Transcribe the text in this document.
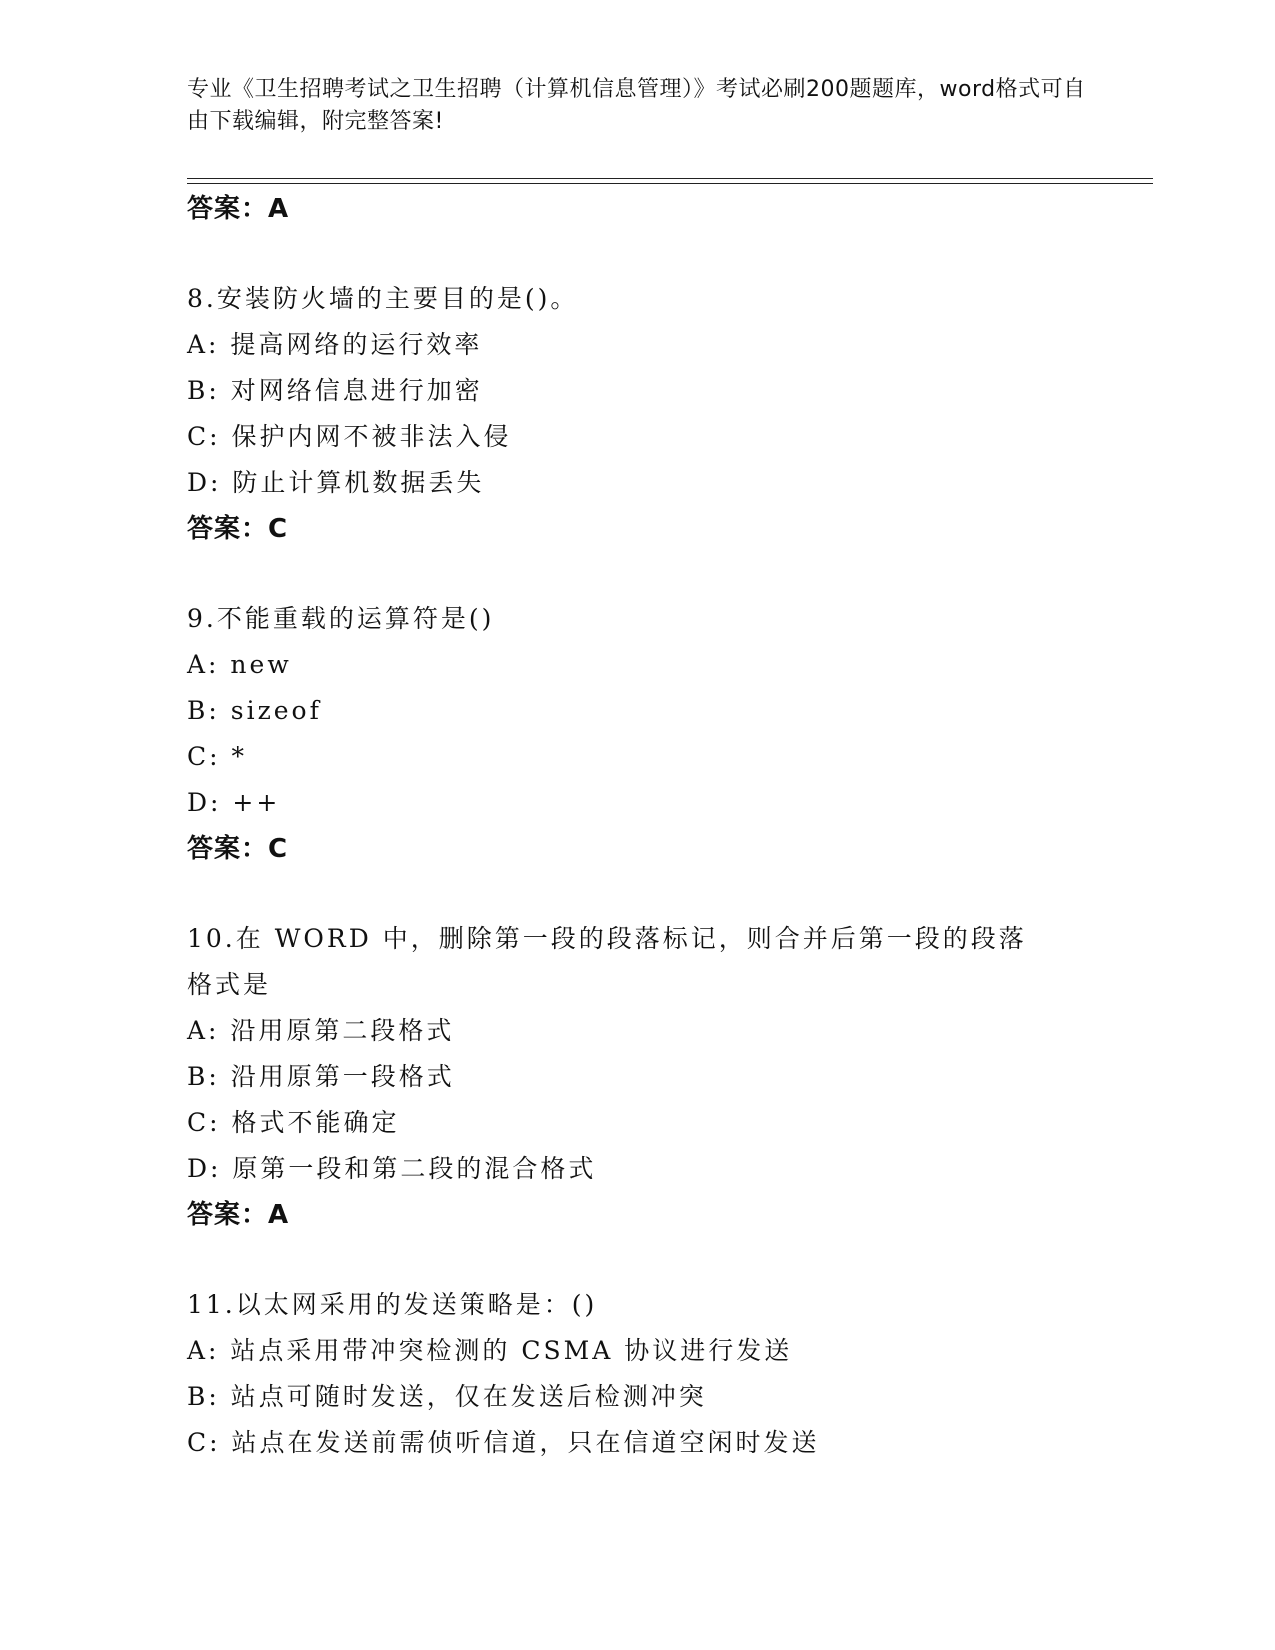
专业《卫生招聘考试之卫生招聘（计算机信息管理）》考试必刷200题题库，word格式可自由下载编辑，附完整答案!
答案：A
8.安装防火墙的主要目的是()。
A: 提高网络的运行效率
B: 对网络信息进行加密
C: 保护内网不被非法入侵
D: 防止计算机数据丢失
答案：C
9.不能重载的运算符是()
A: new
B: sizeof
C: *
D: ++
答案：C
10.在 WORD 中，删除第一段的段落标记，则合并后第一段的段落格式是
A: 沿用原第二段格式
B: 沿用原第一段格式
C: 格式不能确定
D: 原第一段和第二段的混合格式
答案：A
11.以太网采用的发送策略是：()
A: 站点采用带冲突检测的 CSMA 协议进行发送
B: 站点可随时发送，仅在发送后检测冲突
C: 站点在发送前需侦听信道，只在信道空闲时发送
